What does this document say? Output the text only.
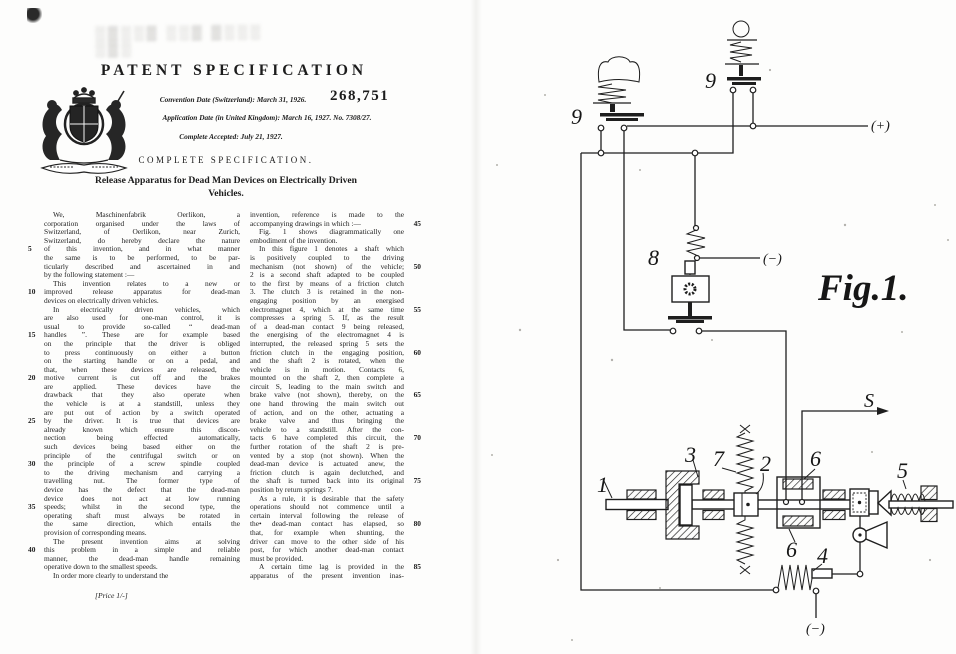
░▒░░▒ ░░▒ ▒░░░ ░▒░
PATENT SPECIFICATION
268,751
Convention Date (Switzerland): March 31, 1926.
Application Date (in United Kingdom): March 16, 1927. No. 7308/27.
Complete Accepted: July 21, 1927.
COMPLETE SPECIFICATION.
Release Apparatus for Dead Man Devices on Electrically Driven
Vehicles.
We, Maschinenfabrik Oerlikon, a
corporation organised under the laws of
Switzerland, of Oerlikon, near Zurich,
Switzerland, do hereby declare the nature
of this invention, and in what manner
5
the same is to be performed, to be par-
ticularly described and ascertained in and
by the following statement :—
This invention relates to a new or
improved release apparatus for dead-man
10
devices on electrically driven vehicles.
In electrically driven vehicles, which
are also used for one-man control, it is
usual to provide so-called “ dead-man
handles ”. These are for example based
15
on the principle that the driver is obliged
to press continuously on either a button
on the starting handle or on a pedal, and
that, when these devices are released, the
motive current is cut off and the brakes
20
are applied. These devices have the
drawback that they also operate when
the vehicle is at a standstill, unless they
are put out of action by a switch operated
by the driver. It is true that devices are
25
already known which ensure this discon-
nection being effected automatically,
such devices being based either on the
principle of the centrifugal switch or on
the principle of a screw spindle coupled
30
to the driving mechanism and carrying a
travelling nut. The former type of
device has the defect that the dead-man
device does not act at low running
speeds; whilst in the second type, the
35
operating shaft must always be rotated in
the same direction, which entails the
provision of corresponding means.
The present invention aims at solving
this problem in a simple and reliable
40
manner, the dead-man handle remaining
operative down to the smallest speeds.
In order more clearly to understand the
invention, reference is made to the
accompanying drawings in which :—	45
Fig. 1 shows diagrammatically one
embodiment of the invention.
In this figure 1 denotes a shaft which
is positively coupled to the driving
mechanism (not shown) of the vehicle; 50
2 is a second shaft adapted to be coupled
to the first by means of a friction clutch
3. The clutch 3 is retained in the non-
engaging position by an energised
electromagnet 4, which at the same time 55
compresses a spring 5. If, as the result
of a dead-man contact 9 being released,
the energising of the electromagnet 4 is
interrupted, the released spring 5 sets the
friction clutch in the engaging position, 60
and the shaft 2 is rotated, when the
vehicle is in motion. Contacts 6,
mounted on the shaft 2, then complete a
circuit S, leading to the main switch and
brake valve (not shown), thereby, on the 65
one hand throwing the main switch out
of action, and on the other, actuating a
brake valve and thus bringing the
vehicle to a standstill. After the con-
tacts 6 have completed this circuit, the 70
further rotation of the shaft 2 is pre-
vented by a stop (not shown). When the
dead-man device is actuated anew, the
friction clutch is again declutched, and
the shaft is turned back into its original 75
position by return springs 7.
As a rule, it is desirable that the safety
operations should not commence until a
certain interval following the release of
the• dead-man contact has elapsed, so 80
that, for example when shunting, the
driver can move to the other side of his
post, for which another dead-man contact
must be provided.
A certain time lag is provided in the	85
apparatus of the present invention inas-
[Price 1/-]
9
9
(+)
8	(−)
Fig.1.
S
1
3 7 2 6
6
5
4
(−)
